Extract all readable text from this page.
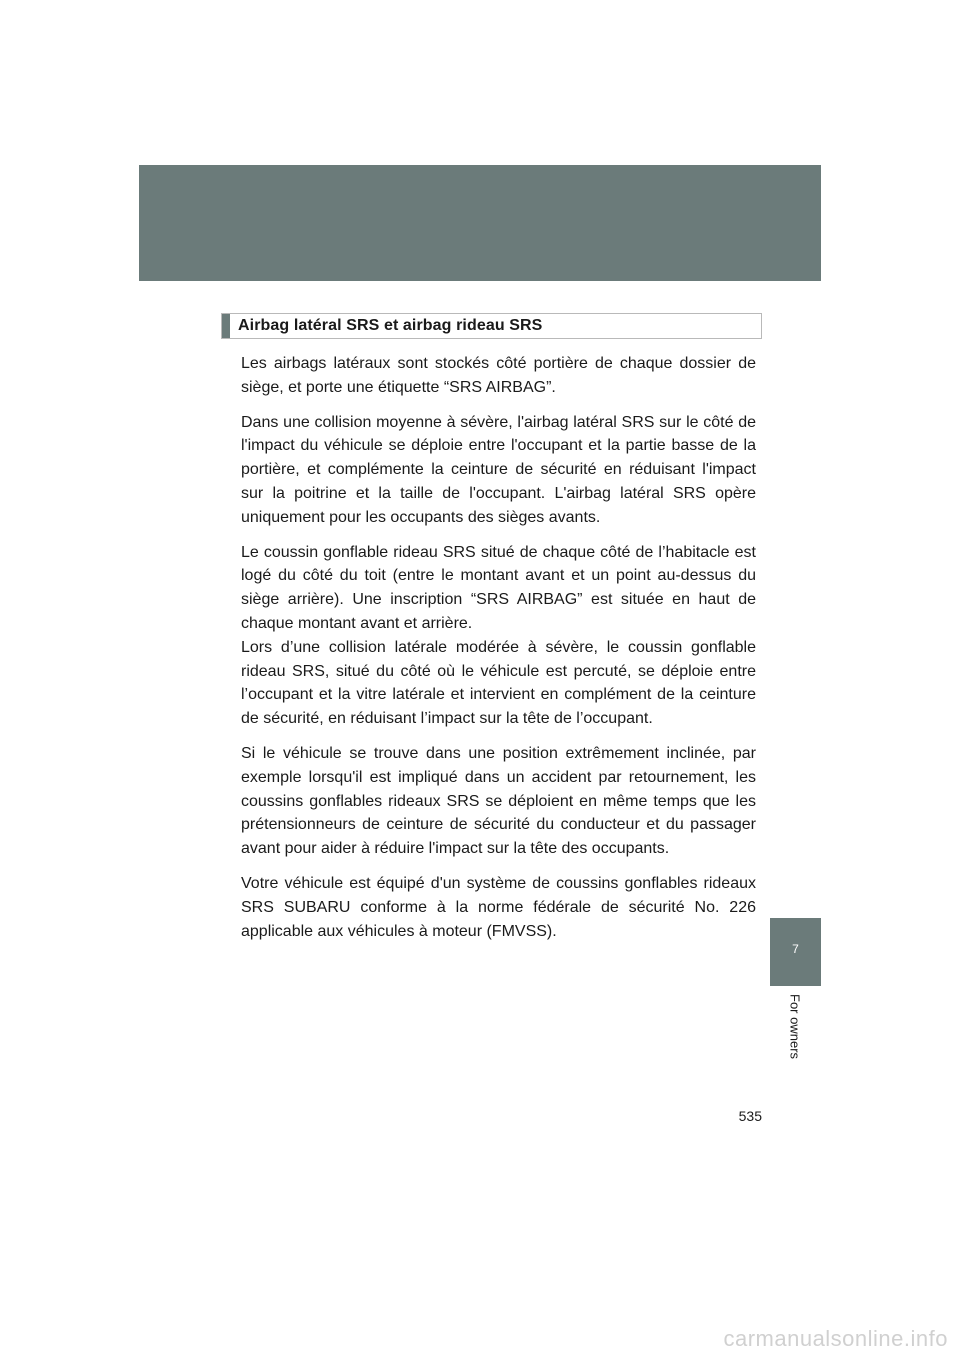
Airbag latéral SRS et airbag rideau SRS

Les airbags latéraux sont stockés côté portière de chaque dossier de siège, et porte une étiquette “SRS AIRBAG”.

Dans une collision moyenne à sévère, l'airbag latéral SRS sur le côté de l'impact du véhicule se déploie entre l'occupant et la partie basse de la portière, et complémente la ceinture de sécurité en réduisant l'impact sur la poitrine et la taille de l'occupant. L'airbag latéral SRS opère uniquement pour les occupants des sièges avants.

Le coussin gonflable rideau SRS situé de chaque côté de l’habitacle est logé du côté du toit (entre le montant avant et un point au-dessus du siège arrière). Une inscription “SRS AIRBAG” est située en haut de chaque montant avant et arrière.

Lors d’une collision latérale modérée à sévère, le coussin gonflable rideau SRS, situé du côté où le véhicule est percuté, se déploie entre l’occupant et la vitre latérale et intervient en complément de la ceinture de sécurité, en réduisant l’impact sur la tête de l’occupant.

Si le véhicule se trouve dans une position extrêmement inclinée, par exemple lorsqu'il est impliqué dans un accident par retournement, les coussins gonflables rideaux SRS se déploient en même temps que les prétensionneurs de ceinture de sécurité du conducteur et du passager avant pour aider à réduire l'impact sur la tête des occupants.

Votre véhicule est équipé d'un système de coussins gonflables rideaux SRS SUBARU conforme à la norme fédérale de sécurité No. 226 applicable aux véhicules à moteur (FMVSS).

7
For owners
535
carmanualsonline.info
